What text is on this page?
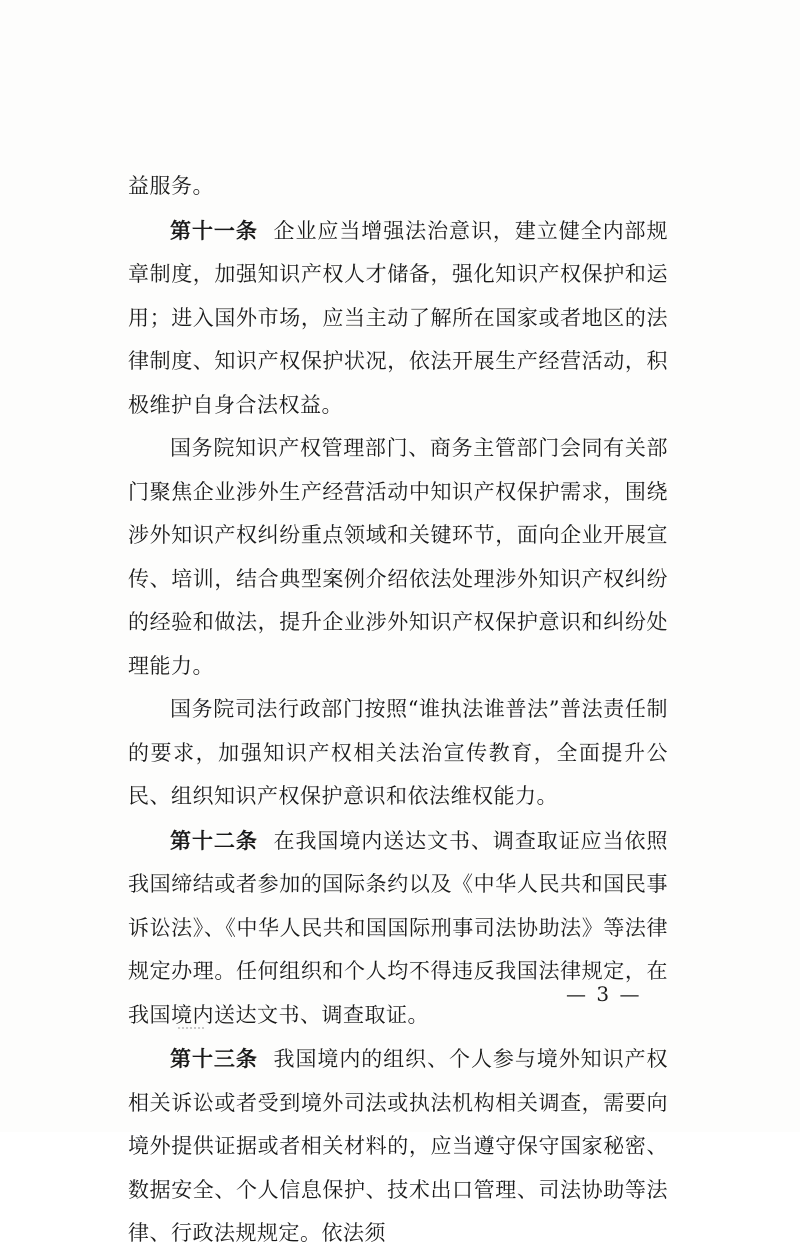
益服务。

第十一条 企业应当增强法治意识，建立健全内部规章制度，加强知识产权人才储备，强化知识产权保护和运用；进入国外市场，应当主动了解所在国家或者地区的法律制度、知识产权保护状况，依法开展生产经营活动，积极维护自身合法权益。

国务院知识产权管理部门、商务主管部门会同有关部门聚焦企业涉外生产经营活动中知识产权保护需求，围绕涉外知识产权纠纷重点领域和关键环节，面向企业开展宣传、培训，结合典型案例介绍依法处理涉外知识产权纠纷的经验和做法，提升企业涉外知识产权保护意识和纠纷处理能力。

国务院司法行政部门按照“谁执法谁普法”普法责任制的要求，加强知识产权相关法治宣传教育，全面提升公民、组织知识产权保护意识和依法维权能力。

第十二条 在我国境内送达文书、调查取证应当依照我国缔结或者参加的国际条约以及《中华人民共和国民事诉讼法》、《中华人民共和国国际刑事司法协助法》等法律规定办理。任何组织和个人均不得违反我国法律规定，在我国境内送达文书、调查取证。

第十三条 我国境内的组织、个人参与境外知识产权相关诉讼或者受到境外司法或执法机构相关调查，需要向境外提供证据或者相关材料的，应当遵守保守国家秘密、数据安全、个人信息保护、技术出口管理、司法协助等法律、行政法规规定。依法须

— 3 —
